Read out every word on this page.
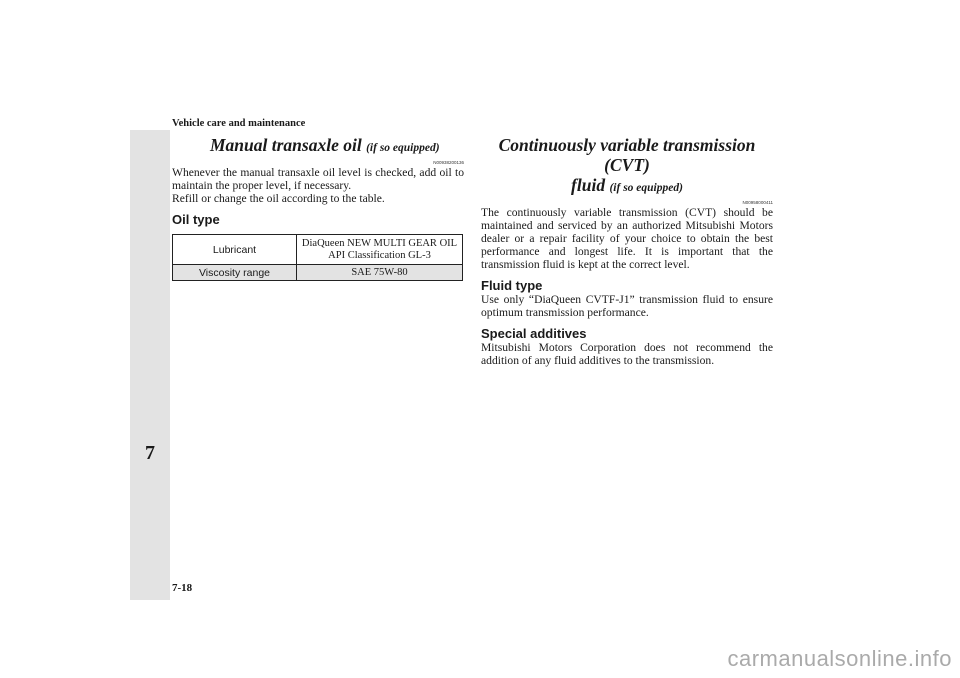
Vehicle care and maintenance
7
Manual transaxle oil (if so equipped)
N00938200136

Whenever the manual transaxle oil level is checked, add oil to maintain the proper level, if necessary.

Refill or change the oil according to the table.

Oil type
Lubricant	DiaQueen NEW MULTI GEAR OIL
API Classification GL-3

Viscosity range	SAE 75W-80
Continuously variable transmission (CVT)
fluid (if so equipped)
N00958000411

The continuously variable transmission (CVT) should be maintained and serviced by an authorized Mitsubishi Motors dealer or a repair facility of your choice to obtain the best performance and longest life. It is important that the transmission fluid is kept at the correct level.

Fluid type

Use only “DiaQueen CVTF-J1” transmission fluid to ensure optimum transmission performance.

Special additives

Mitsubishi Motors Corporation does not recommend the addition of any fluid additives to the transmission.

7-18
carmanualsonline.info
